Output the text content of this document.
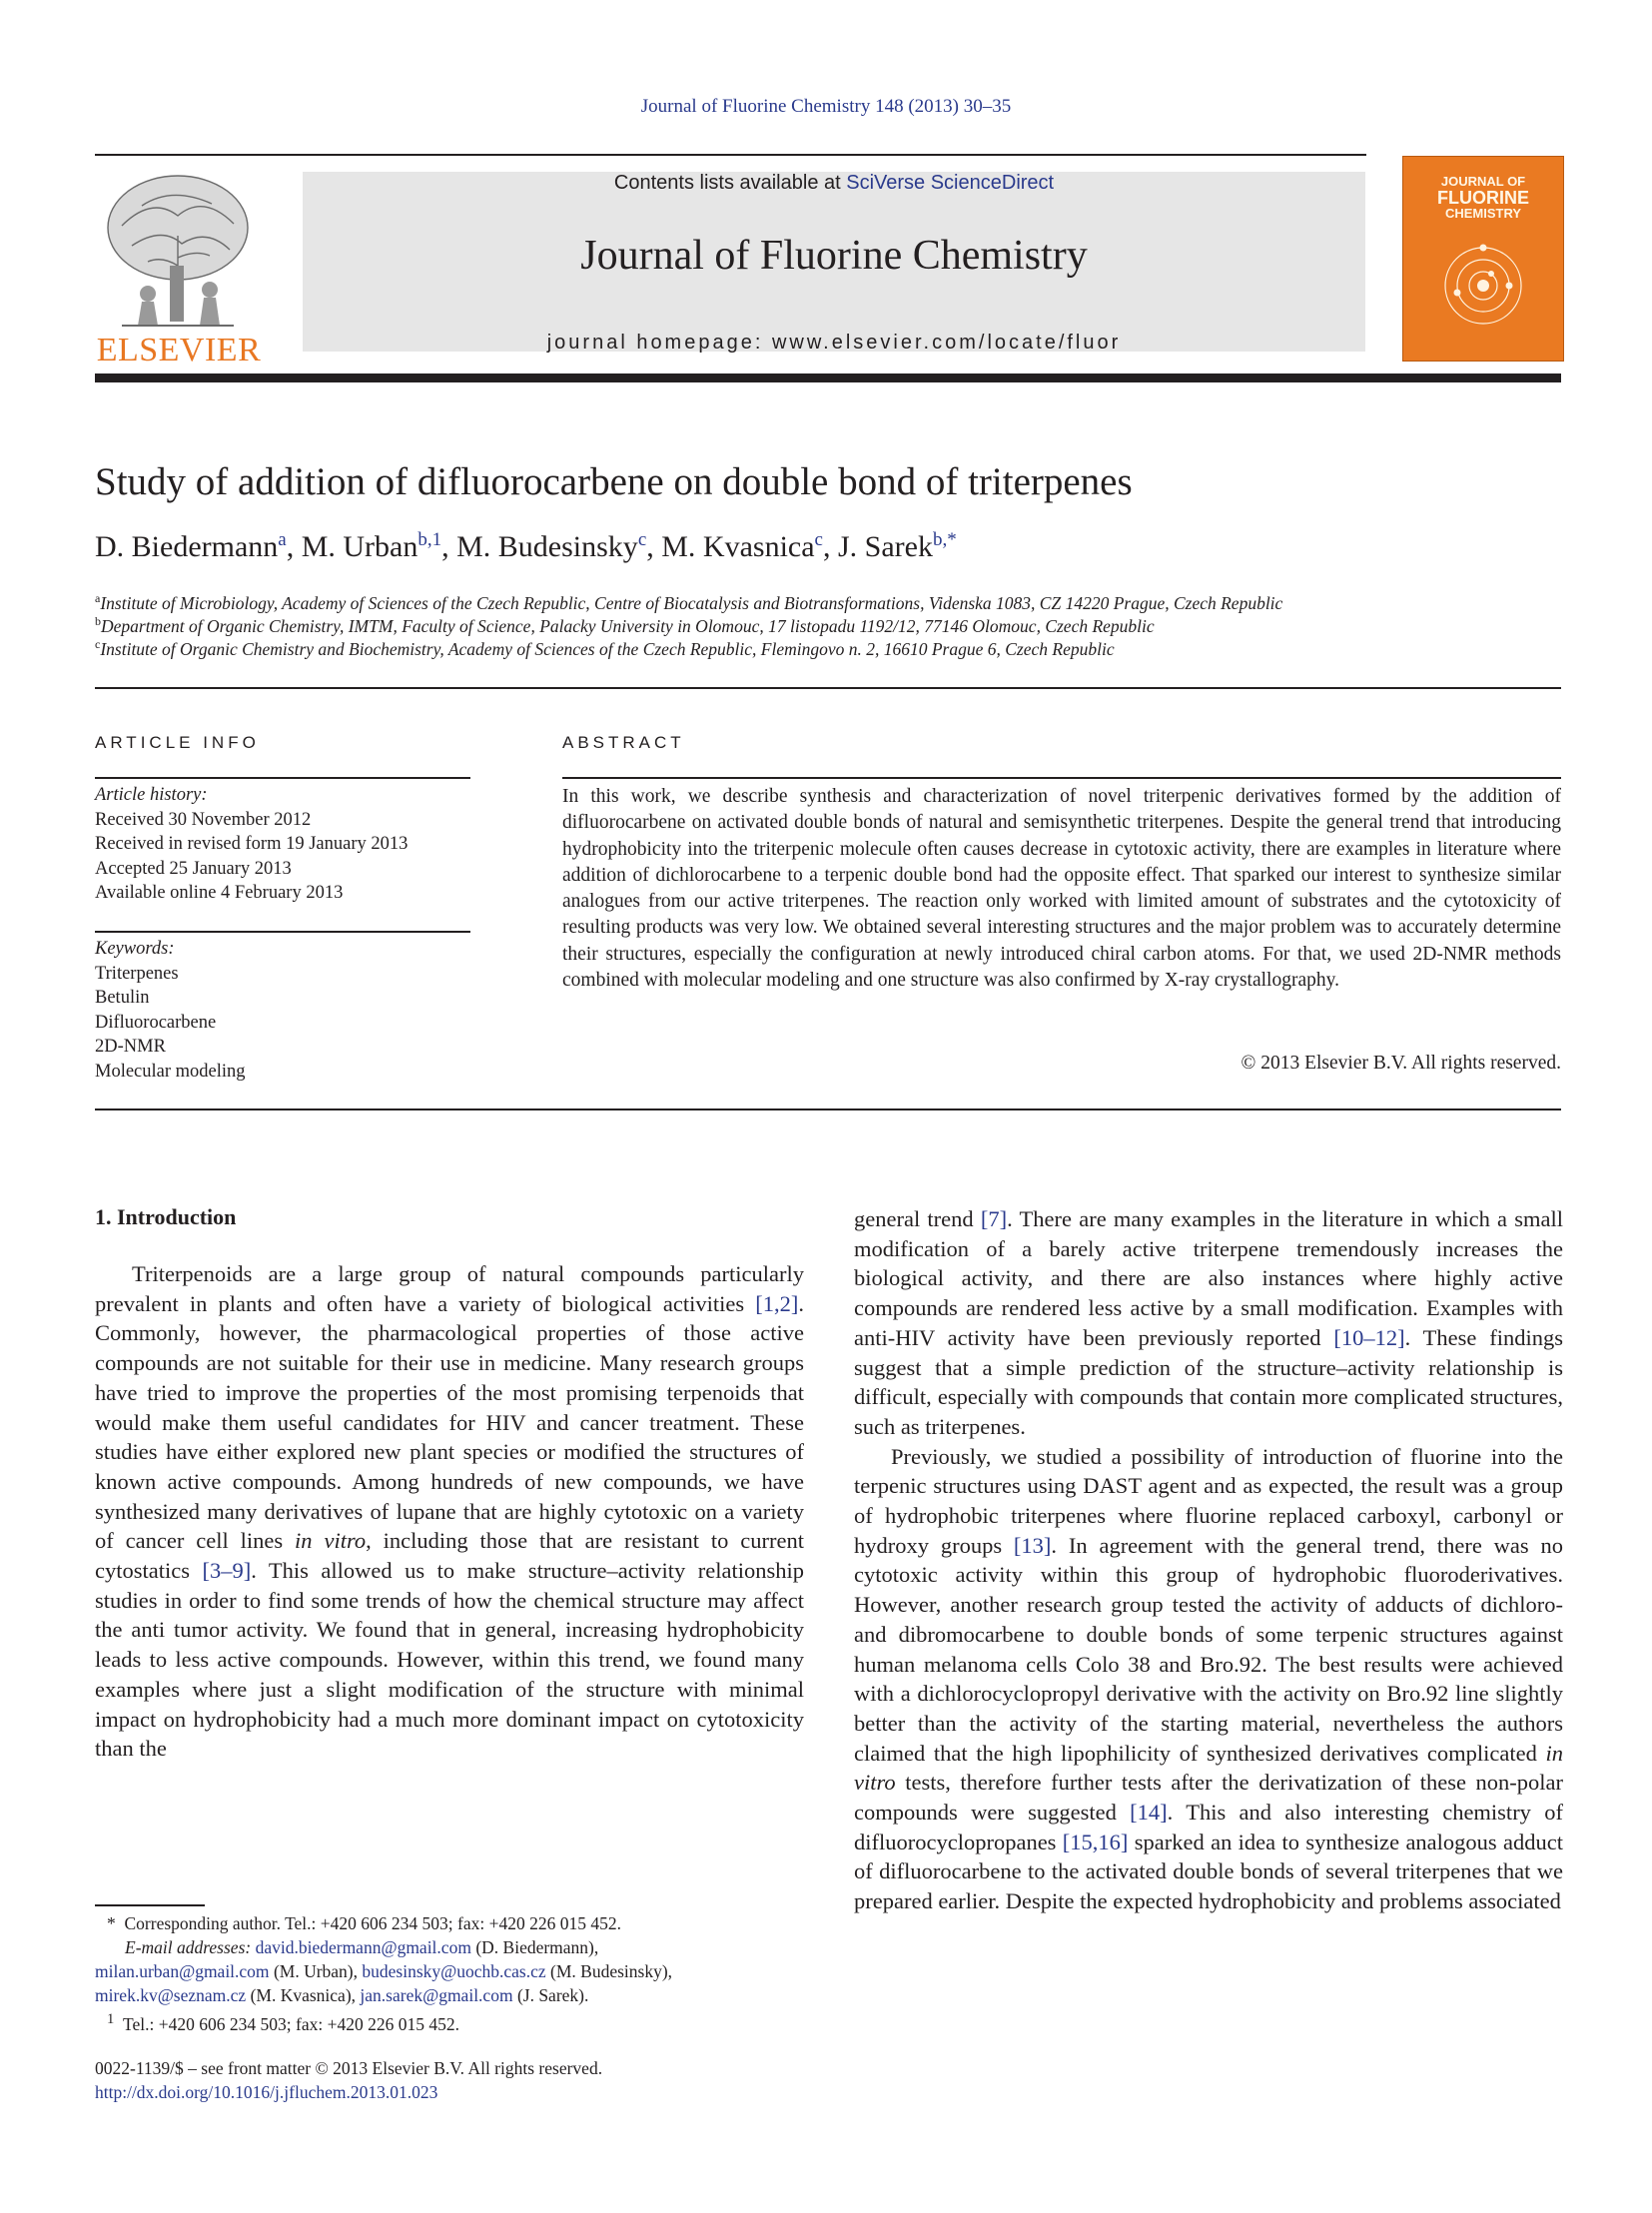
Journal of Fluorine Chemistry 148 (2013) 30–35
ELSEVIER
Contents lists available at SciVerse ScienceDirect
Journal of Fluorine Chemistry
journal homepage: www.elsevier.com/locate/fluor
JOURNAL OF
FLUORINE
CHEMISTRY
Study of addition of difluorocarbene on double bond of triterpenes
D. Biedermann$^a$, M. Urban$^{b,1}$, M. Budesinsky$^c$, M. Kvasnica$^c$, J. Sarek$^{b,*}$
$^a$Institute of Microbiology, Academy of Sciences of the Czech Republic, Centre of Biocatalysis and Biotransformations, Videnska 1083, CZ 14220 Prague, Czech Republic
$^b$Department of Organic Chemistry, IMTM, Faculty of Science, Palacky University in Olomouc, 17 listopadu 1192/12, 77146 Olomouc, Czech Republic
$^c$Institute of Organic Chemistry and Biochemistry, Academy of Sciences of the Czech Republic, Flemingovo n. 2, 16610 Prague 6, Czech Republic
ARTICLE INFO	ABSTRACT
Article history:
Received 30 November 2012
Received in revised form 19 January 2013
Accepted 25 January 2013
Available online 4 February 2013
Keywords:
Triterpenes
Betulin
Difluorocarbene
2D-NMR
Molecular modeling
In this work, we describe synthesis and characterization of novel triterpenic derivatives formed by the addition of difluorocarbene on activated double bonds of natural and semisynthetic triterpenes. Despite the general trend that introducing hydrophobicity into the triterpenic molecule often causes decrease in cytotoxic activity, there are examples in literature where addition of dichlorocarbene to a terpenic double bond had the opposite effect. That sparked our interest to synthesize similar analogues from our active triterpenes. The reaction only worked with limited amount of substrates and the cytotoxicity of resulting products was very low. We obtained several interesting structures and the major problem was to accurately determine their structures, especially the configuration at newly introduced chiral carbon atoms. For that, we used 2D-NMR methods combined with molecular modeling and one structure was also confirmed by X-ray crystallography.
© 2013 Elsevier B.V. All rights reserved.
1. Introduction

Triterpenoids are a large group of natural compounds particularly prevalent in plants and often have a variety of biological activities [1,2]. Commonly, however, the pharmacological properties of those active compounds are not suitable for their use in medicine. Many research groups have tried to improve the properties of the most promising terpenoids that would make them useful candidates for HIV and cancer treatment. These studies have either explored new plant species or modified the structures of known active compounds. Among hundreds of new compounds, we have synthesized many derivatives of lupane that are highly cytotoxic on a variety of cancer cell lines in vitro, including those that are resistant to current cytostatics [3–9]. This allowed us to make structure–activity relationship studies in order to find some trends of how the chemical structure may affect the anti tumor activity. We found that in general, increasing hydrophobicity leads to less active compounds. However, within this trend, we found many examples where just a slight modification of the structure with minimal impact on hydrophobicity had a much more dominant impact on cytotoxicity than the

general trend [7]. There are many examples in the literature in which a small modification of a barely active triterpene tremendously increases the biological activity, and there are also instances where highly active compounds are rendered less active by a small modification. Examples with anti-HIV activity have been previously reported [10–12]. These findings suggest that a simple prediction of the structure–activity relationship is difficult, especially with compounds that contain more complicated structures, such as triterpenes.

Previously, we studied a possibility of introduction of fluorine into the terpenic structures using DAST agent and as expected, the result was a group of hydrophobic triterpenes where fluorine replaced carboxyl, carbonyl or hydroxy groups [13]. In agreement with the general trend, there was no cytotoxic activity within this group of hydrophobic fluoroderivatives. However, another research group tested the activity of adducts of dichloro- and dibromocarbene to double bonds of some terpenic structures against human melanoma cells Colo 38 and Bro.92. The best results were achieved with a dichlorocyclopropyl derivative with the activity on Bro.92 line slightly better than the activity of the starting material, nevertheless the authors claimed that the high lipophilicity of synthesized derivatives complicated in vitro tests, therefore further tests after the derivatization of these non-polar compounds were suggested [14]. This and also interesting chemistry of difluorocyclopropanes [15,16] sparked an idea to synthesize analogous adduct of difluorocarbene to the activated double bonds of several triterpenes that we prepared earlier. Despite the expected hydrophobicity and problems associated

* Corresponding author. Tel.: +420 606 234 503; fax: +420 226 015 452.

E-mail addresses: david.biedermann@gmail.com (D. Biedermann),

milan.urban@gmail.com (M. Urban), budesinsky@uochb.cas.cz (M. Budesinsky),
mirek.kv@seznam.cz (M. Kvasnica), jan.sarek@gmail.com (J. Sarek).

$^1$ Tel.: +420 606 234 503; fax: +420 226 015 452.

0022-1139/$ – see front matter © 2013 Elsevier B.V. All rights reserved.
http://dx.doi.org/10.1016/j.jfluchem.2013.01.023
